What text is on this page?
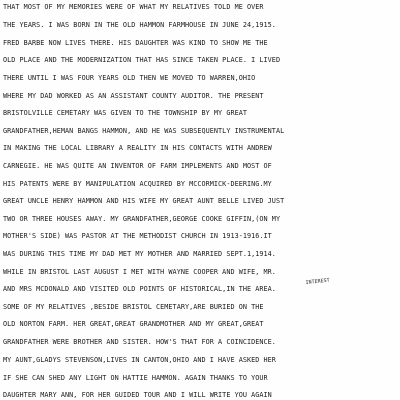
THAT MOST OF MY MEMORIES WERE OF WHAT MY RELATIVES TOLD ME OVER
THE YEARS. I WAS BORN IN THE OLD HAMMON FARMHOUSE IN JUNE 24,1915.
FRED BARBE NOW LIVES THERE. HIS DAUGHTER WAS KIND TO SHOW ME THE
OLD PLACE AND THE MODERNIZATION THAT HAS SINCE TAKEN PLACE. I LIVED
THERE UNTIL I WAS FOUR YEARS OLD THEN WE MOVED TO WARREN,OHIO
WHERE MY DAD WORKED AS AN ASSISTANT COUNTY AUDITOR. THE PRESENT
BRISTOLVILLE CEMETARY WAS GIVEN TO THE TOWNSHIP BY MY GREAT
GRANDFATHER,HEMAN BANGS HAMMON, AND HE WAS SUBSEQUENTLY INSTRUMENTAL
IN MAKING THE LOCAL LIBRARY A REALITY IN HIS CONTACTS WITH ANDREW
CARNEGIE. HE WAS QUITE AN INVENTOR OF FARM IMPLEMENTS AND MOST OF
HIS PATENTS WERE BY MANIPULATION ACQUIRED BY MCCORMICK-DEERING.MY
GREAT UNCLE HENRY HAMMON AND HIS WIFE MY GREAT AUNT BELLE LIVED JUST
TWO OR THREE HOUSES AWAY. MY GRANDFATHER,GEORGE COOKE GIFFIN,(ON MY
MOTHER'S SIDE) WAS PASTOR AT THE METHODIST CHURCH IN 1913-1916.IT
WAS DURING THIS TIME MY DAD MET MY MOTHER AND MARRIED SEPT.1,1914.
WHILE IN BRISTOL LAST AUGUST I MET WITH WAYNE COOPER AND WIFE, MR.
AND MRS MCDONALD AND VISITED OLD POINTS OF HISTORICAL,IN THE AREA.
SOME OF MY RELATIVES ,BESIDE BRISTOL CEMETARY,ARE BURIED ON THE
OLD NORTON FARM. HER GREAT,GREAT GRANDMOTHER AND MY GREAT,GREAT
GRANDFATHER WERE BROTHER AND SISTER. HOW'S THAT FOR A COINCIDENCE.
MY AUNT,GLADYS STEVENSON,LIVES IN CANTON,OHIO AND I HAVE ASKED HER
IF SHE CAN SHED ANY LIGHT ON HATTIE HAMMON. AGAIN THANKS TO YOUR
DAUGHTER MARY ANN, FOR HER GUIDED TOUR AND I WILL WRITE YOU AGAIN
INTEREST
